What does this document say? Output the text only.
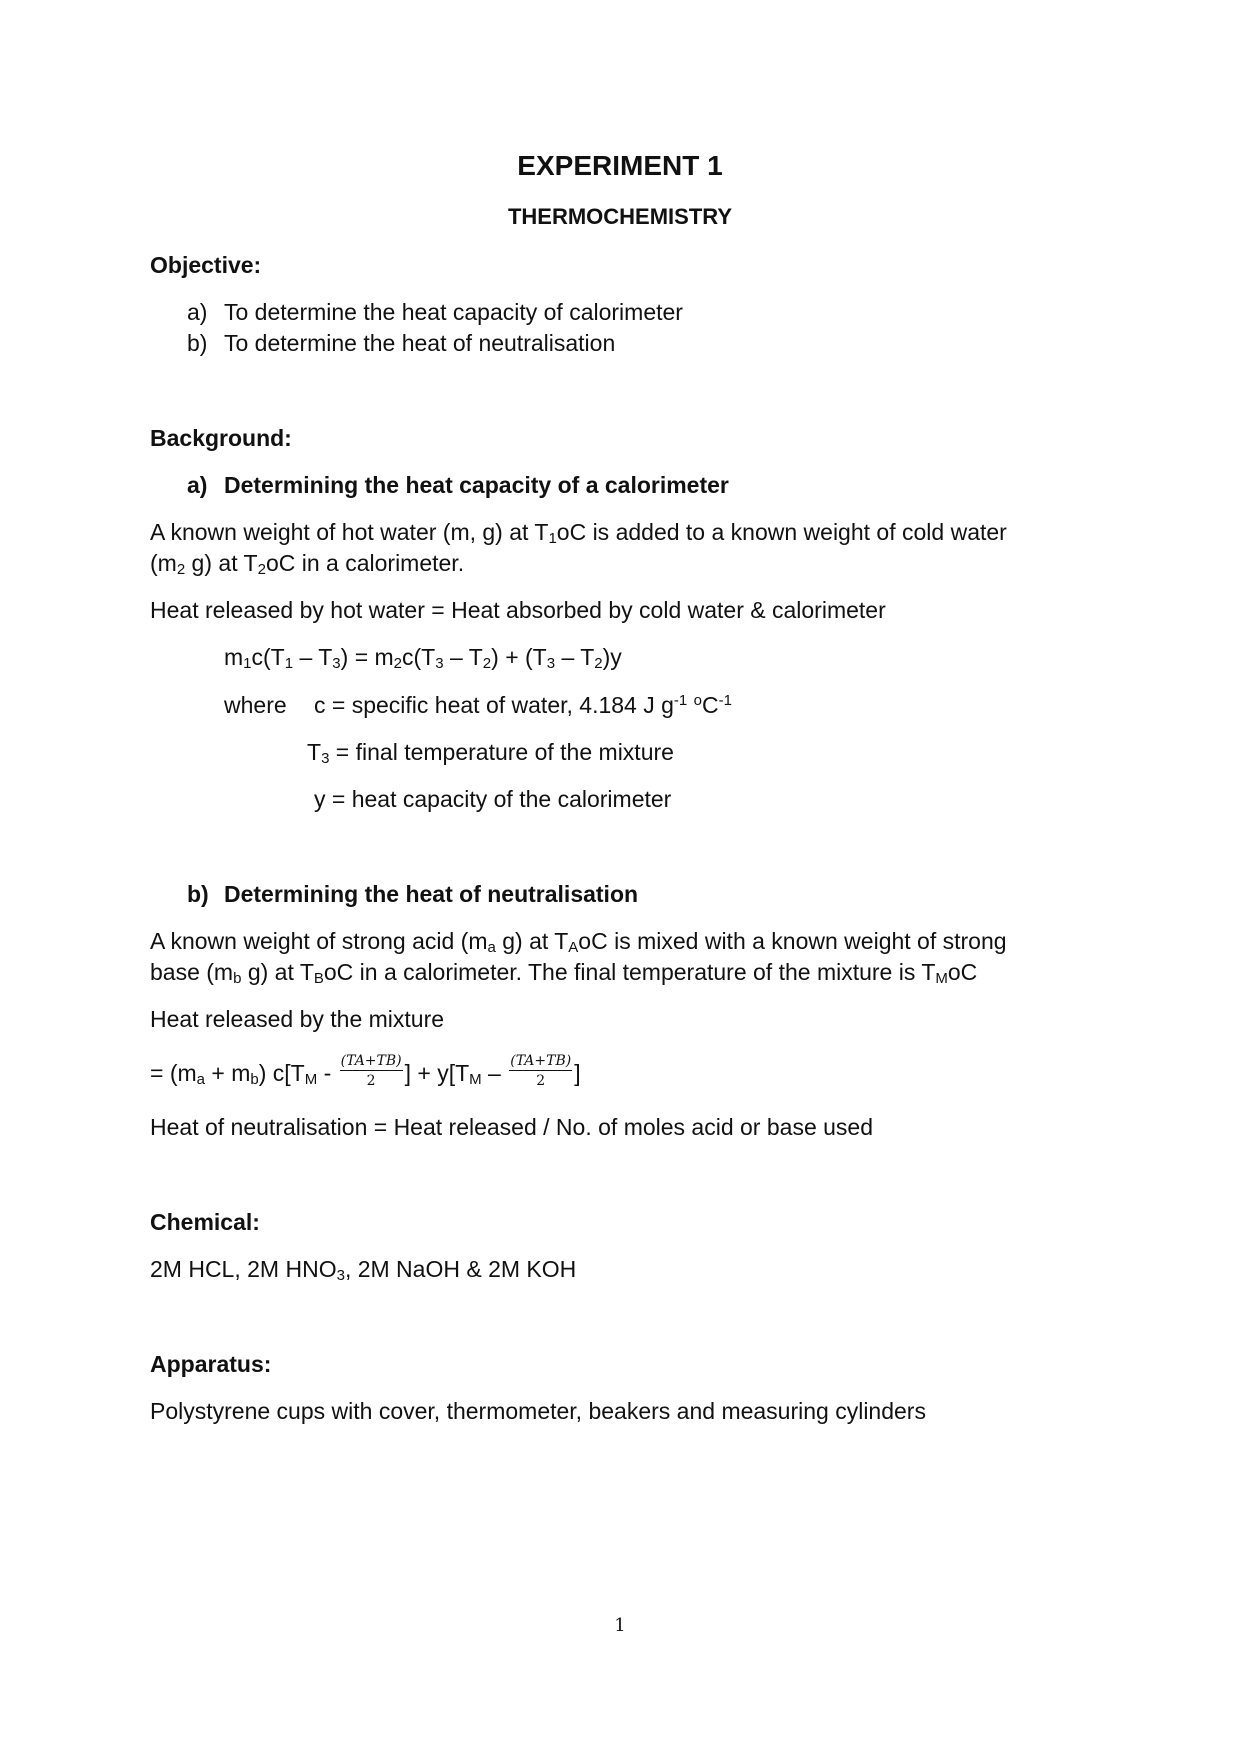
EXPERIMENT 1
THERMOCHEMISTRY
Objective:
a) To determine the heat capacity of calorimeter
b) To determine the heat of neutralisation
Background:
a) Determining the heat capacity of a calorimeter
A known weight of hot water (m, g) at $T_1oC$ is added to a known weight of cold water
($m_2$ g) at $T_2oC$ in a calorimeter.
Heat released by hot water = Heat absorbed by cold water & calorimeter
$m_1c(T_1 - T_3) = m_2c(T_3 - T_2) + (T_3 - T_2)y$
where c = specific heat of water, 4.184 J $g^{-1}$ $^oC^{-1}$
$T_3$ = final temperature of the mixture
y = heat capacity of the calorimeter
b) Determining the heat of neutralisation
A known weight of strong acid ($m_a$ g) at $T_AoC$ is mixed with a known weight of strong
base ($m_b$ g) at $T_BoC$ in a calorimeter. The final temperature of the mixture is $T_MoC$
Heat released by the mixture
= $(m_a + m_b)$ $c[T_M - \frac{(TA+TB)}{2}$ ] + $y[T_M - \frac{(TA+TB)}{2}$ ]
Heat of neutralisation = Heat released / No. of moles acid or base used
Chemical:
2M HCL, 2M $HNO_3$, 2M NaOH & 2M KOH
Apparatus:
Polystyrene cups with cover, thermometer, beakers and measuring cylinders
1
